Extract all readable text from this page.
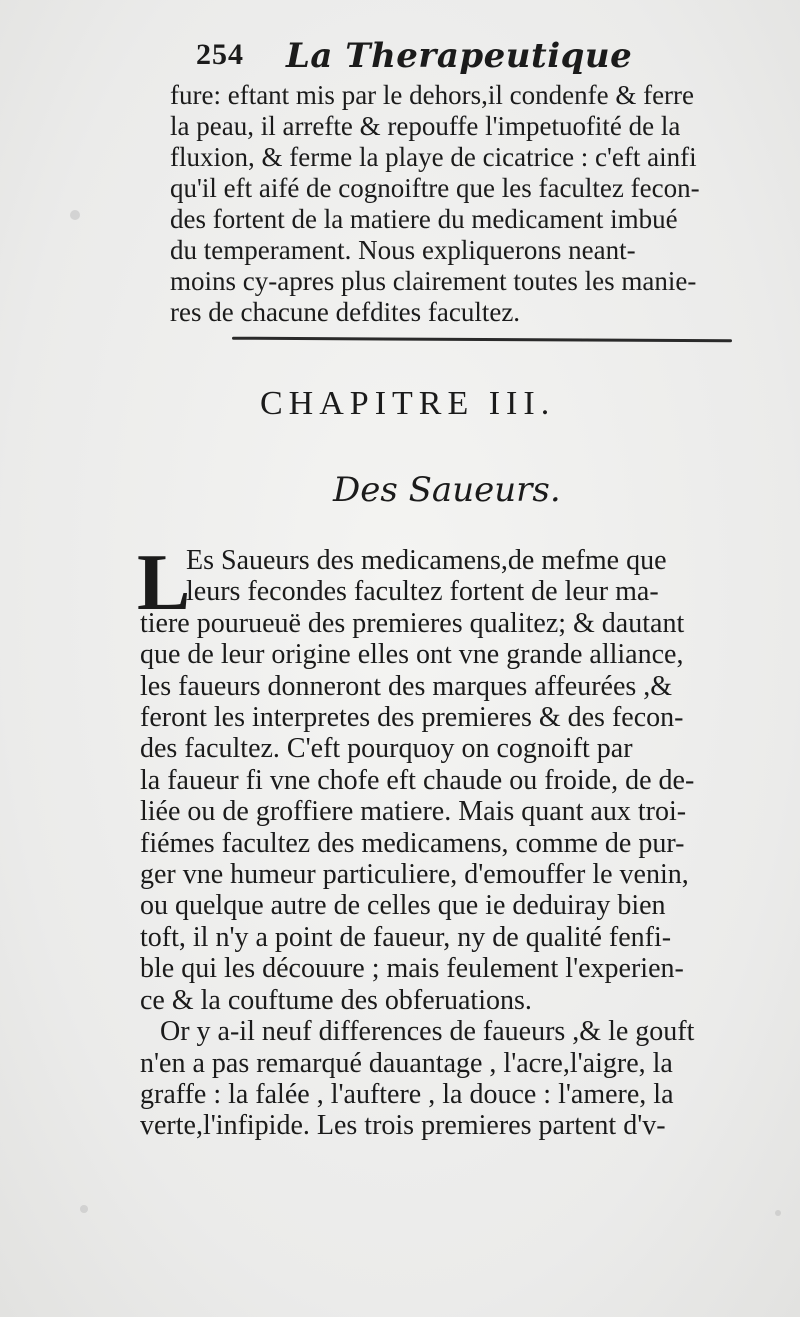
254 La Therapeutique
fure: eftant mis par le dehors,il condenfe & ferre
la peau, il arrefte & repouffe l'impetuofité de la
fluxion, & ferme la playe de cicatrice : c'eft ainfi
qu'il eft aifé de cognoiftre que les facultez fecon-
des fortent de la matiere du medicament imbué
du temperament. Nous expliquerons neant-
moins cy-apres plus clairement toutes les manie-
res de chacune defdites facultez.
CHAPITRE III.
Des Saueurs.
L
Es Saueurs des medicamens,de mefme que
leurs fecondes facultez fortent de leur ma-
tiere pourueuë des premieres qualitez; & dautant
que de leur origine elles ont vne grande alliance,
les faueurs donneront des marques affeurées ,&
feront les interpretes des premieres & des fecon-
des facultez. C'eft pourquoy on cognoift par
la faueur fi vne chofe eft chaude ou froide, de de-
liée ou de groffiere matiere. Mais quant aux troi-
fiémes facultez des medicamens, comme de pur-
ger vne humeur particuliere, d'emouffer le venin,
ou quelque autre de celles que ie deduiray bien
toft, il n'y a point de faueur, ny de qualité fenfi-
ble qui les découure ; mais feulement l'experien-
ce & la couftume des obferuations.
Or y a-il neuf differences de faueurs ,& le gouft
n'en a pas remarqué dauantage , l'acre,l'aigre, la
graffe : la falée , l'auftere , la douce : l'amere, la
verte,l'infipide. Les trois premieres partent d'v-
